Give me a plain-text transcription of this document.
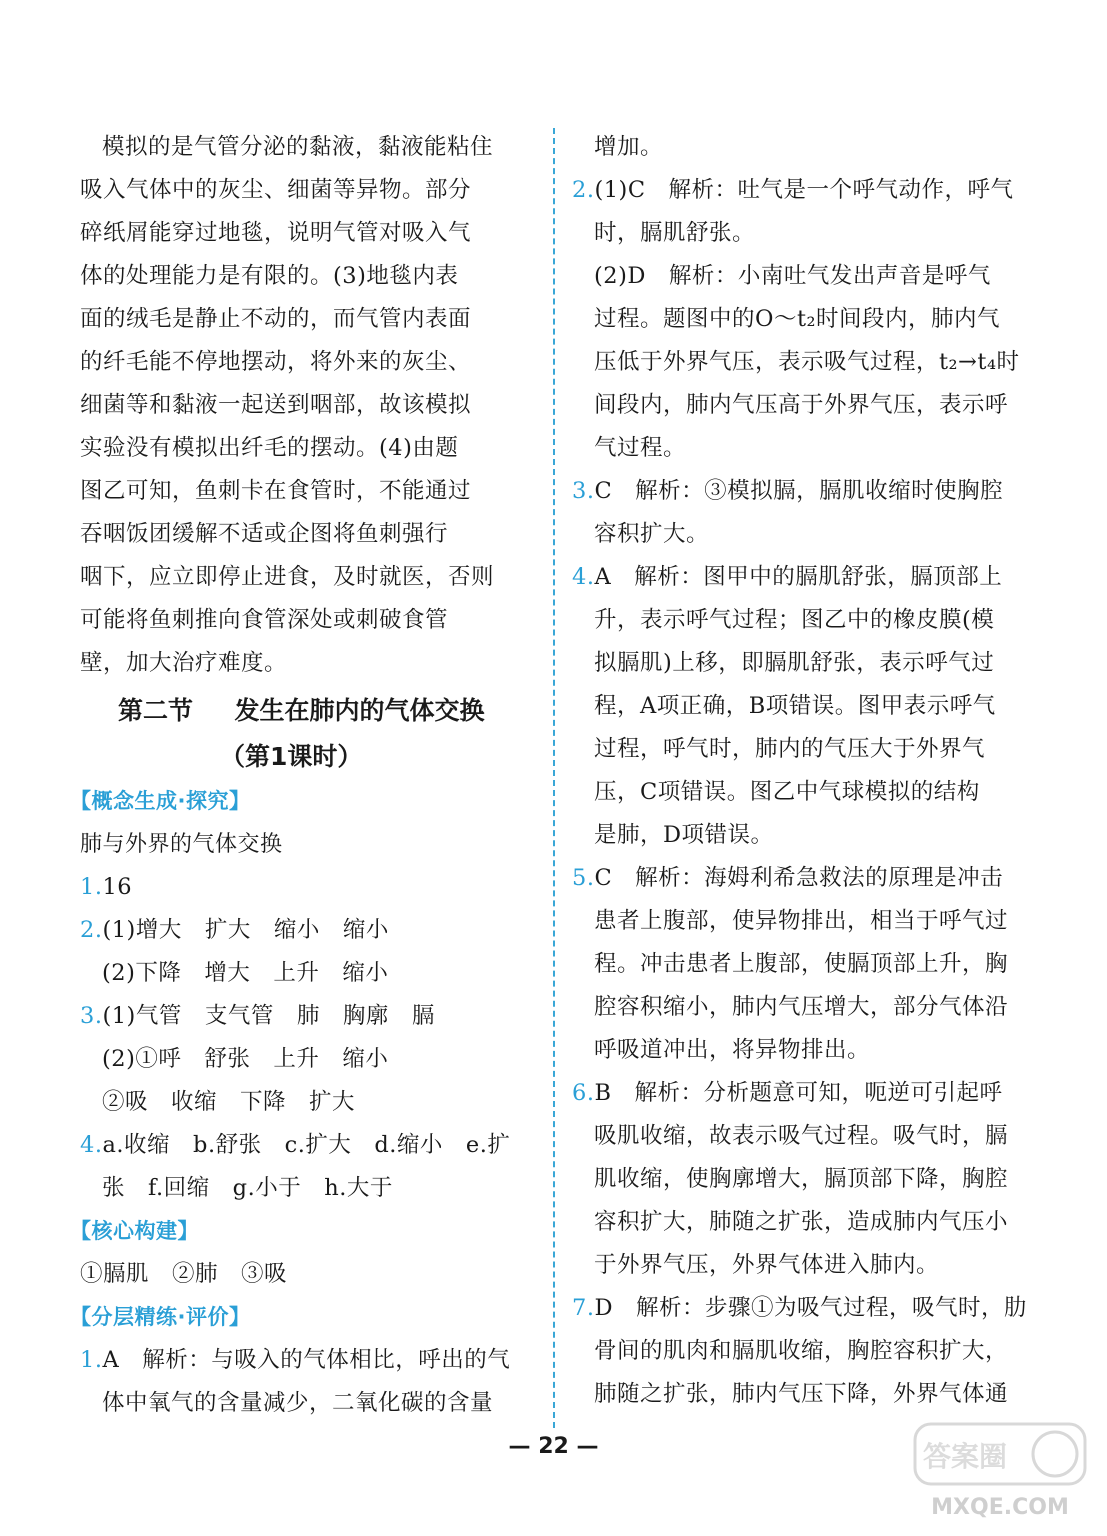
模拟的是气管分泌的黏液，黏液能粘住
吸入气体中的灰尘、细菌等异物。部分
碎纸屑能穿过地毯，说明气管对吸入气
体的处理能力是有限的。(3)地毯内表
面的绒毛是静止不动的，而气管内表面
的纤毛能不停地摆动，将外来的灰尘、
细菌等和黏液一起送到咽部，故该模拟
实验没有模拟出纤毛的摆动。(4)由题
图乙可知，鱼刺卡在食管时，不能通过
吞咽饭团缓解不适或企图将鱼刺强行
咽下，应立即停止进食，及时就医，否则
可能将鱼刺推向食管深处或刺破食管
壁，加大治疗难度。
第二节 发生在肺内的气体交换
（第1课时）
【概念生成·探究】
肺与外界的气体交换
1.16
2.(1)增大　扩大　缩小　缩小
(2)下降　增大　上升　缩小
3.(1)气管　支气管　肺　胸廓　膈
(2)①呼　舒张　上升　缩小
②吸　收缩　下降　扩大
4.a.收缩　b.舒张　c.扩大　d.缩小　e.扩
张　f.回缩　g.小于　h.大于
【核心构建】
①膈肌　②肺　③吸
【分层精练·评价】
1.A　解析：与吸入的气体相比，呼出的气
体中氧气的含量减少，二氧化碳的含量
增加。
2.(1)C　解析：吐气是一个呼气动作，呼气
时，膈肌舒张。
(2)D　解析：小南吐气发出声音是呼气
过程。题图中的O～t₂时间段内，肺内气
压低于外界气压，表示吸气过程，t₂→t₄时
间段内，肺内气压高于外界气压，表示呼
气过程。
3.C　解析：③模拟膈，膈肌收缩时使胸腔
容积扩大。
4.A　解析：图甲中的膈肌舒张，膈顶部上
升，表示呼气过程；图乙中的橡皮膜(模
拟膈肌)上移，即膈肌舒张，表示呼气过
程，A项正确，B项错误。图甲表示呼气
过程，呼气时，肺内的气压大于外界气
压，C项错误。图乙中气球模拟的结构
是肺，D项错误。
5.C　解析：海姆利希急救法的原理是冲击
患者上腹部，使异物排出，相当于呼气过
程。冲击患者上腹部，使膈顶部上升，胸
腔容积缩小，肺内气压增大，部分气体沿
呼吸道冲出，将异物排出。
6.B　解析：分析题意可知，呃逆可引起呼
吸肌收缩，故表示吸气过程。吸气时，膈
肌收缩，使胸廓增大，膈顶部下降，胸腔
容积扩大，肺随之扩张，造成肺内气压小
于外界气压，外界气体进入肺内。
7.D　解析：步骤①为吸气过程，吸气时，肋
骨间的肌肉和膈肌收缩，胸腔容积扩大，
肺随之扩张，肺内气压下降，外界气体通
— 22 —	答案圈
MXQE.COM
